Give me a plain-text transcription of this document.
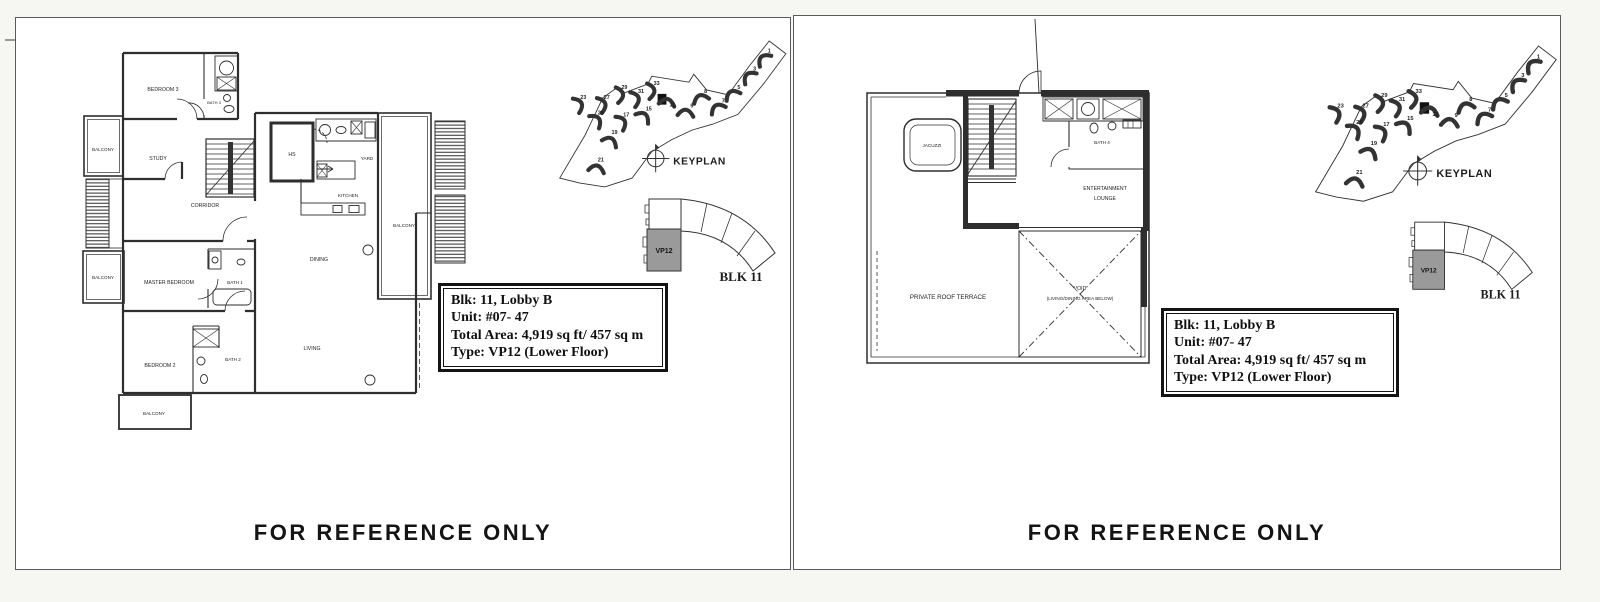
BEDROOM 3
BATH 3
STUDY
CORRIDOR
HS
YARD
KITCHEN
MASTER BEDROOM	BATH 1
BEDROOM 2
BATH 2
DINING
LIVING
BALCONY
BALCONY
BALCONY
BALCONY
1
3
5
8
7
9
11
33
31
29
27
25	17
15
19
21
23
KEYPLAN
VP12
BLK 11
Blk: 11, Lobby B
Unit: #07- 47
Total Area: 4,919 sq ft/ 457 sq m
Type: VP12 (Lower Floor)
FOR REFERENCE ONLY
JACUZZI
BATH 4
ENTERTAINMENT
LOUNGE
PRIVATE ROOF TERRACE
VOID
(LIVING/DINING AREA BELOW)
1
3
5
8
7
9
11
33
31
29
27
25	17
15
19
21
23
KEYPLAN
VP12
BLK 11
Blk: 11, Lobby B
Unit: #07- 47
Total Area: 4,919 sq ft/ 457 sq m
Type: VP12 (Lower Floor)
FOR REFERENCE ONLY
